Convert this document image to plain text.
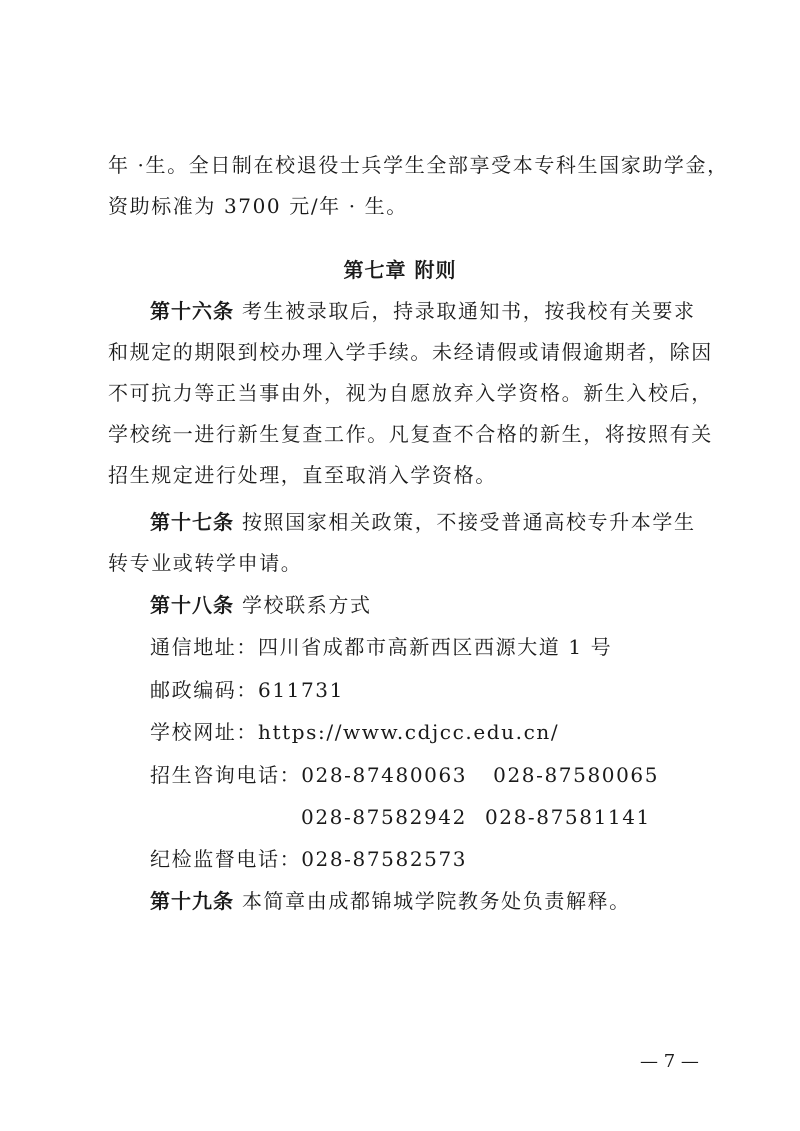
年 ·生。全日制在校退役士兵学生全部享受本专科生国家助学金，
资助标准为 3700 元/年 · 生。
第七章 附则
第十六条 考生被录取后，持录取通知书，按我校有关要求
和规定的期限到校办理入学手续。未经请假或请假逾期者，除因
不可抗力等正当事由外，视为自愿放弃入学资格。新生入校后，
学校统一进行新生复查工作。凡复查不合格的新生，将按照有关
招生规定进行处理，直至取消入学资格。
第十七条 按照国家相关政策，不接受普通高校专升本学生
转专业或转学申请。
第十八条 学校联系方式
通信地址：四川省成都市高新西区西源大道 1 号
邮政编码：611731
学校网址：https://www.cdjcc.edu.cn/
招生咨询电话：028-87480063 028-87580065
028-87582942 028-87581141
纪检监督电话：028-87582573
第十九条 本简章由成都锦城学院教务处负责解释。
— 7 —
